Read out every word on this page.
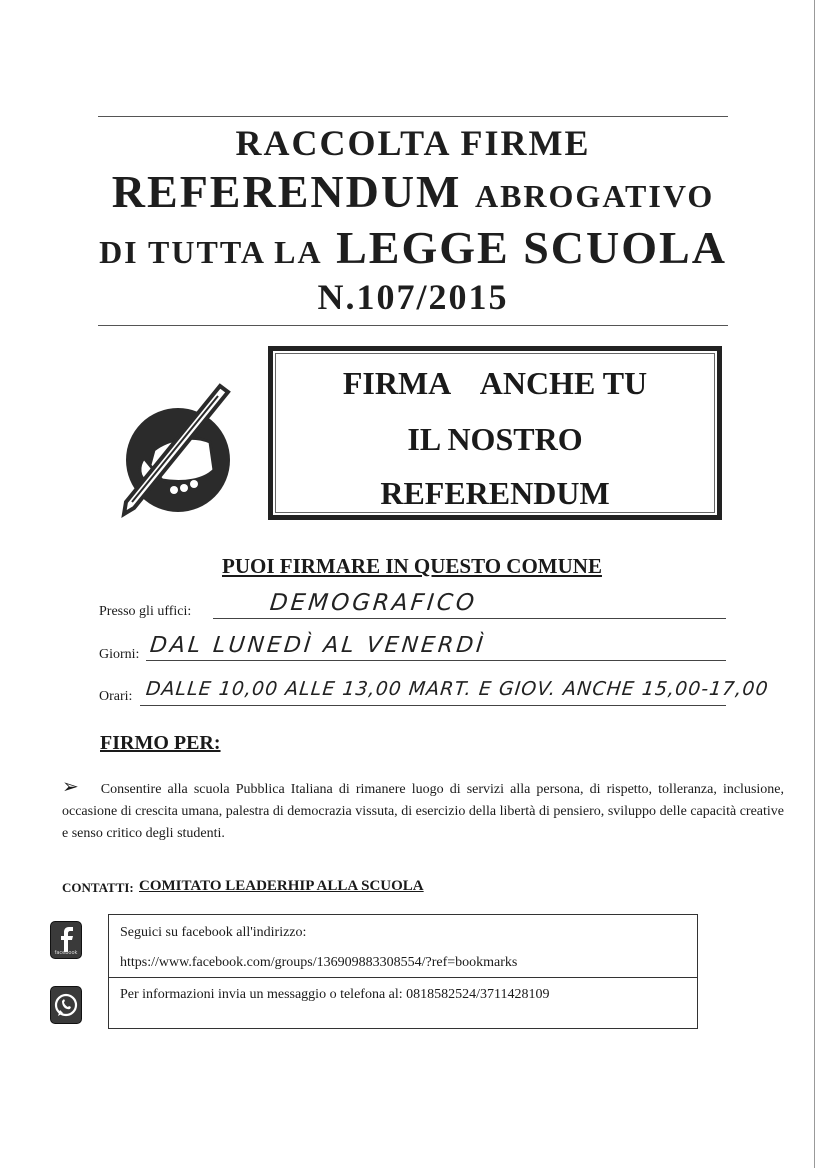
RACCOLTA FIRME
REFERENDUM ABROGATIVO
DI TUTTA LA LEGGE SCUOLA
N.107/2015
FIRMA    ANCHE TU
IL NOSTRO
REFERENDUM
PUOI FIRMARE IN QUESTO COMUNE
Presso gli uffici:	DEMOGRAFICO
Giorni: DAL LUNEDÌ AL VENERDÌ
Orari: DALLE 10,00 ALLE 13,00 MART. E GIOV. ANCHE 15,00-17,00
FIRMO PER:
➢ Consentire alla scuola Pubblica Italiana di rimanere luogo di servizi alla persona, di rispetto, tolleranza, inclusione, occasione di crescita umana, palestra di democrazia vissuta, di esercizio della libertà di pensiero, sviluppo delle capacità creative e senso critico degli studenti.
CONTATTI: COMITATO LEADERHIP ALLA SCUOLA
facebook
Seguici su facebook all'indirizzo:
https://www.facebook.com/groups/136909883308554/?ref=bookmarks
Per informazioni invia un messaggio o telefona al: 0818582524/3711428109
